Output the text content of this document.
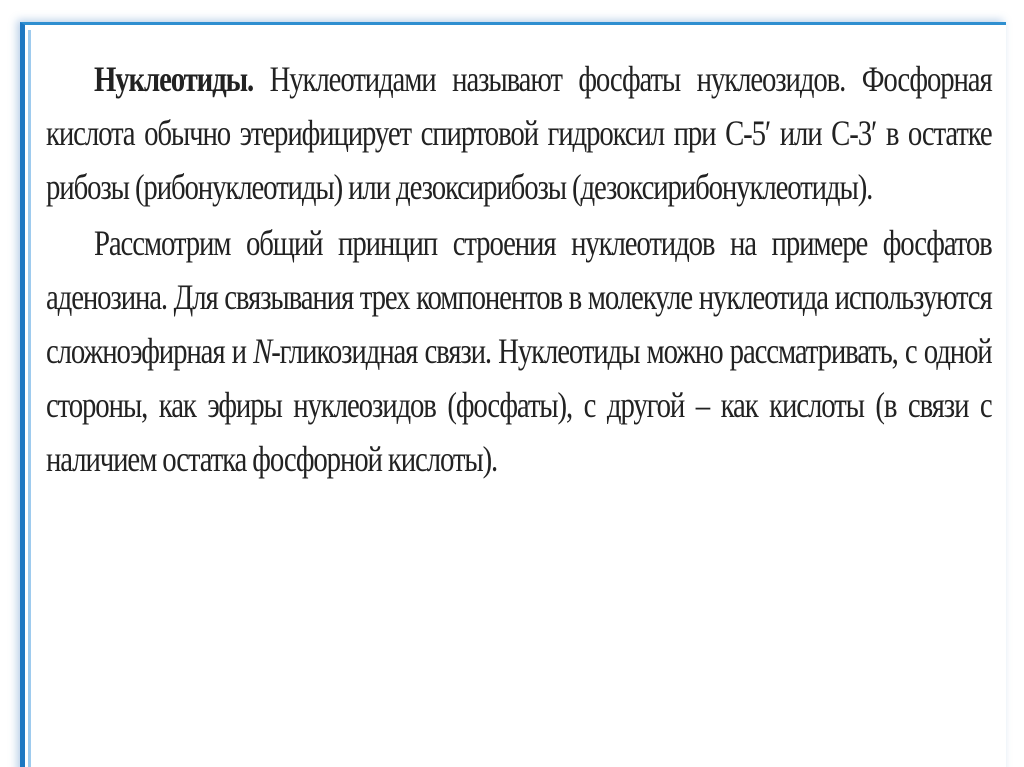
Нуклеотиды. Нуклеотидами называют фосфаты нуклеозидов. Фосфорная кислота обычно этерифицирует спиртовой гидроксил при С-5′ или С-3′ в остатке рибозы (рибонуклеотиды) или дезоксирибозы (дезоксирибонуклеотиды).

Рассмотрим общий принцип строения нуклеотидов на примере фосфатов аденозина. Для связывания трех компонентов в молекуле нуклеотида используются сложноэфирная и N-гликозидная связи. Нуклеотиды можно рассматривать, с одной стороны, как эфиры нуклеозидов (фосфаты), с другой – как кислоты (в связи с наличием остатка фосфорной кислоты).
